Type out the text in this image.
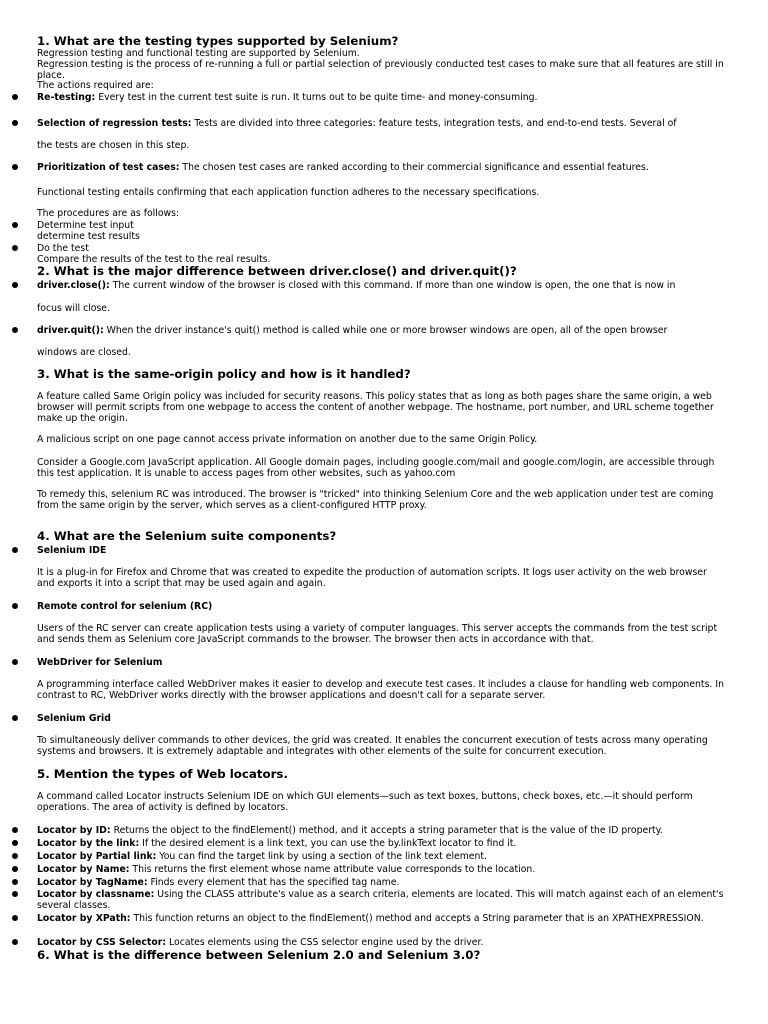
1. What are the testing types supported by Selenium?
Regression testing and functional testing are supported by Selenium.
Regression testing is the process of re-running a full or partial selection of previously conducted test cases to make sure that all features are still in place.
The actions required are:
Re-testing: Every test in the current test suite is run. It turns out to be quite time- and money-consuming.
Selection of regression tests: Tests are divided into three categories: feature tests, integration tests, and end-to-end tests. Several of
the tests are chosen in this step.
Prioritization of test cases: The chosen test cases are ranked according to their commercial significance and essential features.
Functional testing entails confirming that each application function adheres to the necessary specifications.
The procedures are as follows:
Determine test input
determine test results
Do the test
Compare the results of the test to the real results.
2. What is the major difference between driver.close() and driver.quit()?
driver.close(): The current window of the browser is closed with this command. If more than one window is open, the one that is now in
focus will close.
driver.quit(): When the driver instance's quit() method is called while one or more browser windows are open, all of the open browser
windows are closed.
3. What is the same-origin policy and how is it handled?
A feature called Same Origin policy was included for security reasons. This policy states that as long as both pages share the same origin, a web browser will permit scripts from one webpage to access the content of another webpage. The hostname, port number, and URL scheme together make up the origin.
A malicious script on one page cannot access private information on another due to the same Origin Policy.
Consider a Google.com JavaScript application. All Google domain pages, including google.com/mail and google.com/login, are accessible through this test application. It is unable to access pages from other websites, such as yahoo.com
To remedy this, selenium RC was introduced. The browser is "tricked" into thinking Selenium Core and the web application under test are coming from the same origin by the server, which serves as a client-configured HTTP proxy.
4. What are the Selenium suite components?
Selenium IDE
It is a plug-in for Firefox and Chrome that was created to expedite the production of automation scripts. It logs user activity on the web browser and exports it into a script that may be used again and again.
Remote control for selenium (RC)
Users of the RC server can create application tests using a variety of computer languages. This server accepts the commands from the test script and sends them as Selenium core JavaScript commands to the browser. The browser then acts in accordance with that.
WebDriver for Selenium
A programming interface called WebDriver makes it easier to develop and execute test cases. It includes a clause for handling web components. In contrast to RC, WebDriver works directly with the browser applications and doesn't call for a separate server.
Selenium Grid
To simultaneously deliver commands to other devices, the grid was created. It enables the concurrent execution of tests across many operating systems and browsers. It is extremely adaptable and integrates with other elements of the suite for concurrent execution.
5. Mention the types of Web locators.
A command called Locator instructs Selenium IDE on which GUI elements—such as text boxes, buttons, check boxes, etc.—it should perform operations. The area of activity is defined by locators.
Locator by ID: Returns the object to the findElement() method, and it accepts a string parameter that is the value of the ID property.
Locator by the link: If the desired element is a link text, you can use the by.linkText locator to find it.
Locator by Partial link: You can find the target link by using a section of the link text element.
Locator by Name: This returns the first element whose name attribute value corresponds to the location.
Locator by TagName: Finds every element that has the specified tag name.
Locator by classname: Using the CLASS attribute's value as a search criteria, elements are located. This will match against each of an element's several classes.
Locator by XPath: This function returns an object to the findElement() method and accepts a String parameter that is an XPATHEXPRESSION.
Locator by CSS Selector: Locates elements using the CSS selector engine used by the driver.
6. What is the difference between Selenium 2.0 and Selenium 3.0?
